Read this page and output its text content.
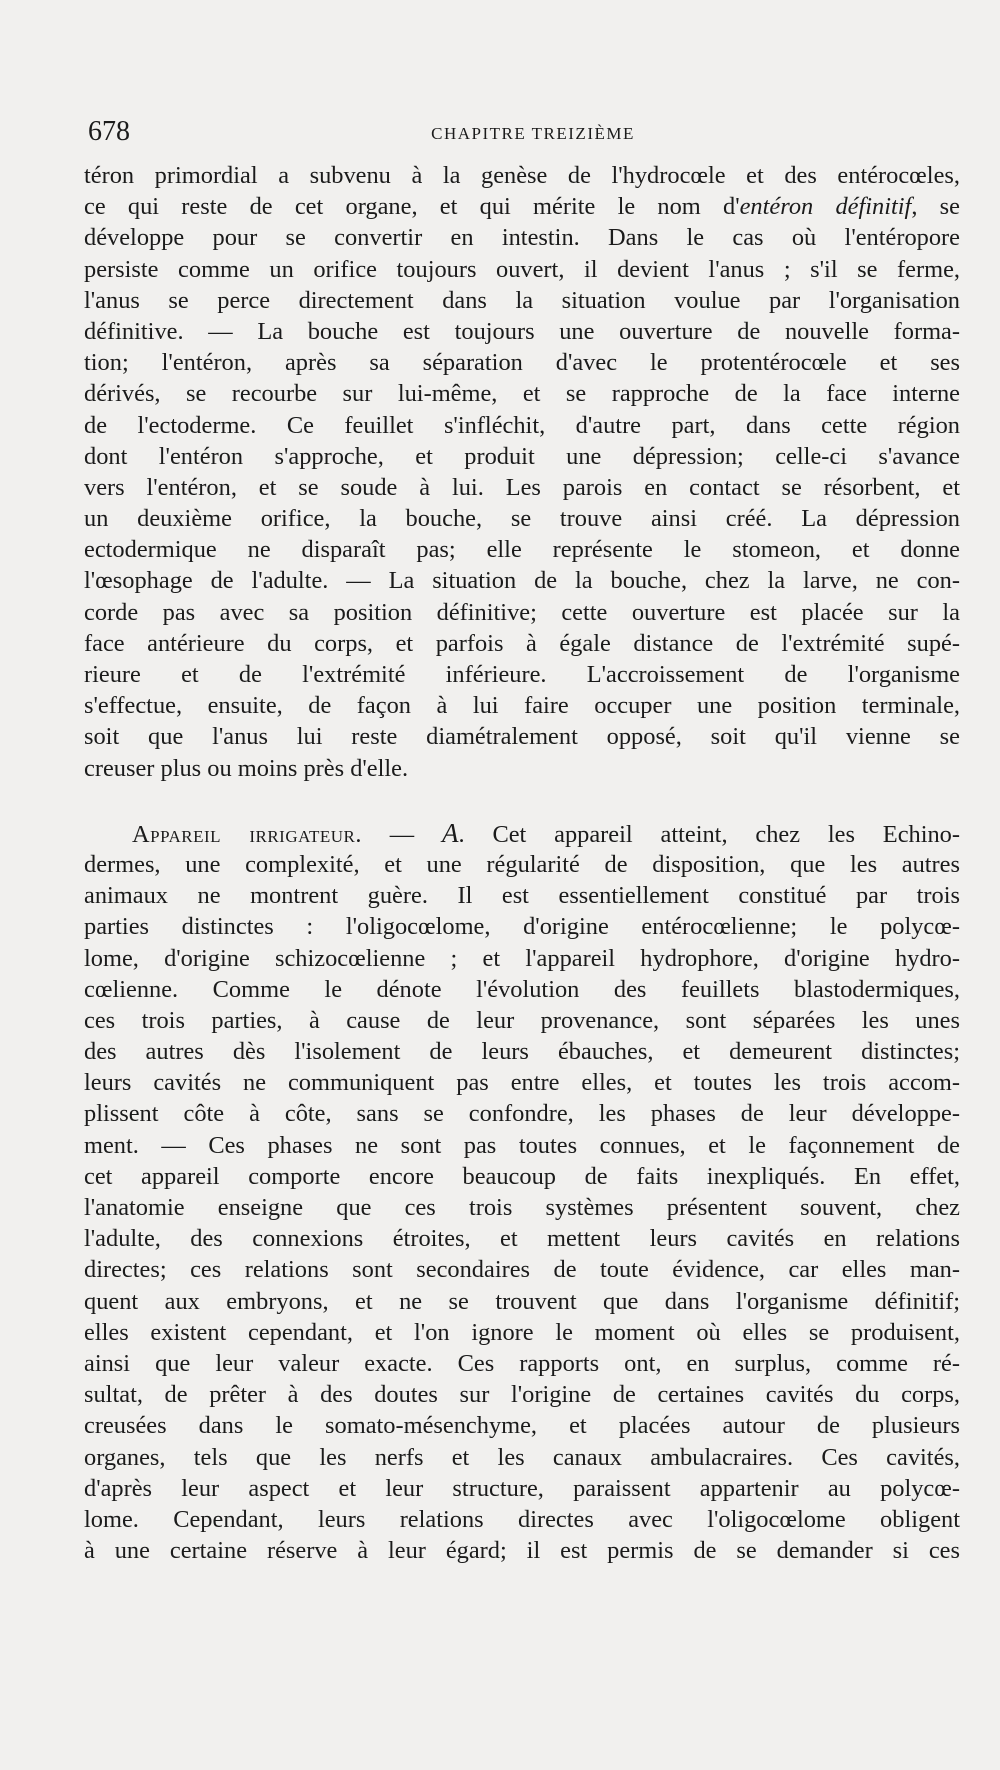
678	CHAPITRE TREIZIÈME
téron primordial a subvenu à la genèse de l'hydrocœle et des entérocœles,
ce qui reste de cet organe, et qui mérite le nom d'entéron définitif, se
développe pour se convertir en intestin. Dans le cas où l'entéropore
persiste comme un orifice toujours ouvert, il devient l'anus ; s'il se ferme,
l'anus se perce directement dans la situation voulue par l'organisation
définitive. — La bouche est toujours une ouverture de nouvelle forma-
tion; l'entéron, après sa séparation d'avec le protentérocœle et ses
dérivés, se recourbe sur lui-même, et se rapproche de la face interne
de l'ectoderme. Ce feuillet s'infléchit, d'autre part, dans cette région
dont l'entéron s'approche, et produit une dépression; celle-ci s'avance
vers l'entéron, et se soude à lui. Les parois en contact se résorbent, et
un deuxième orifice, la bouche, se trouve ainsi créé. La dépression
ectodermique ne disparaît pas; elle représente le stomeon, et donne
l'œsophage de l'adulte. — La situation de la bouche, chez la larve, ne con-
corde pas avec sa position définitive; cette ouverture est placée sur la
face antérieure du corps, et parfois à égale distance de l'extrémité supé-
rieure et de l'extrémité inférieure. L'accroissement de l'organisme
s'effectue, ensuite, de façon à lui faire occuper une position terminale,
soit que l'anus lui reste diamétralement opposé, soit qu'il vienne se
creuser plus ou moins près d'elle.
Appareil irrigateur. — A. Cet appareil atteint, chez les Echino-
dermes, une complexité, et une régularité de disposition, que les autres
animaux ne montrent guère. Il est essentiellement constitué par trois
parties distinctes : l'oligocœlome, d'origine entérocœlienne; le polycœ-
lome, d'origine schizocœlienne ; et l'appareil hydrophore, d'origine hydro-
cœlienne. Comme le dénote l'évolution des feuillets blastodermiques,
ces trois parties, à cause de leur provenance, sont séparées les unes
des autres dès l'isolement de leurs ébauches, et demeurent distinctes;
leurs cavités ne communiquent pas entre elles, et toutes les trois accom-
plissent côte à côte, sans se confondre, les phases de leur développe-
ment. — Ces phases ne sont pas toutes connues, et le façonnement de
cet appareil comporte encore beaucoup de faits inexpliqués. En effet,
l'anatomie enseigne que ces trois systèmes présentent souvent, chez
l'adulte, des connexions étroites, et mettent leurs cavités en relations
directes; ces relations sont secondaires de toute évidence, car elles man-
quent aux embryons, et ne se trouvent que dans l'organisme définitif;
elles existent cependant, et l'on ignore le moment où elles se produisent,
ainsi que leur valeur exacte. Ces rapports ont, en surplus, comme ré-
sultat, de prêter à des doutes sur l'origine de certaines cavités du corps,
creusées dans le somato-mésenchyme, et placées autour de plusieurs
organes, tels que les nerfs et les canaux ambulacraires. Ces cavités,
d'après leur aspect et leur structure, paraissent appartenir au polycœ-
lome. Cependant, leurs relations directes avec l'oligocœlome obligent
à une certaine réserve à leur égard; il est permis de se demander si ces
